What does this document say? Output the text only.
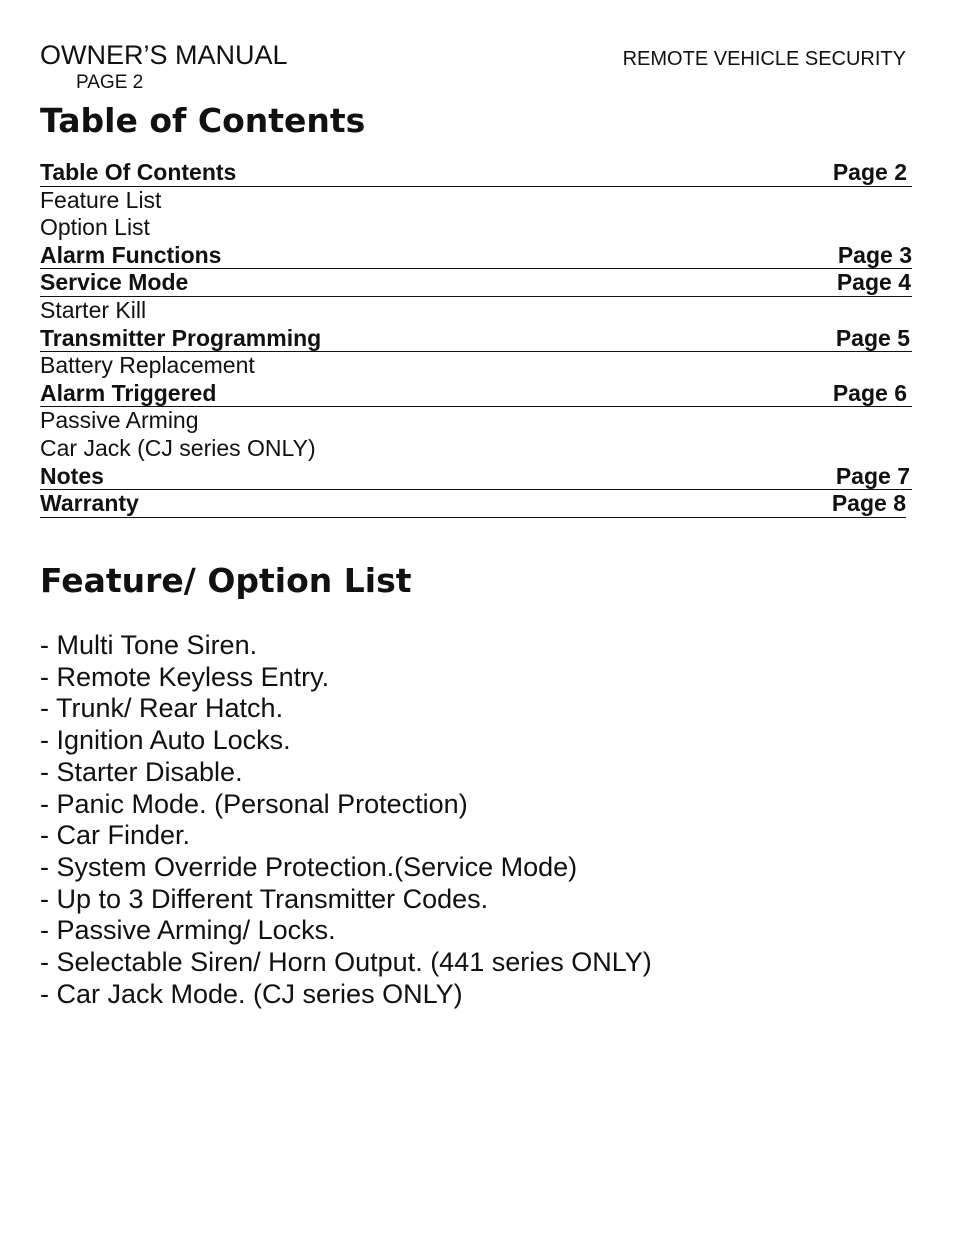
OWNER’S MANUAL
PAGE 2
REMOTE VEHICLE SECURITY
Table of Contents
Table Of Contents	Page 2
Feature List
Option List
Alarm Functions	Page 3
Service Mode	Page 4
Starter Kill
Transmitter Programming	Page 5
Battery Replacement
Alarm Triggered	Page 6
Passive Arming
Car Jack (CJ series ONLY)
Notes	Page 7
Warranty	Page 8
Feature/ Option List
- Multi Tone Siren.
- Remote Keyless Entry.
- Trunk/ Rear Hatch.
- Ignition Auto Locks.
- Starter Disable.
- Panic Mode. (Personal Protection)
- Car Finder.
- System Override Protection.(Service Mode)
- Up to 3 Different Transmitter Codes.
- Passive Arming/ Locks.
- Selectable Siren/ Horn Output. (441 series ONLY)
- Car Jack Mode. (CJ series ONLY)
